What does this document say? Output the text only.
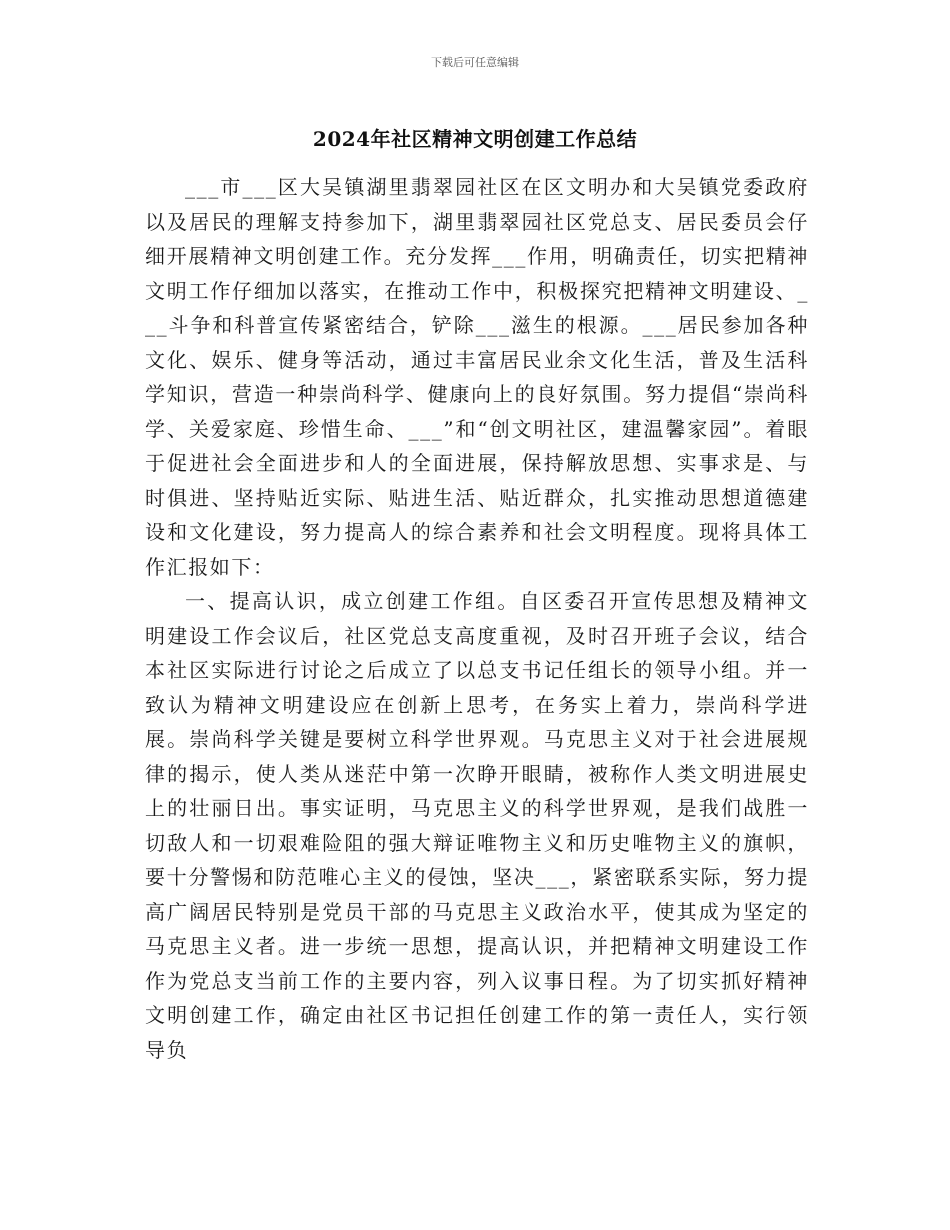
下载后可任意编辑
2024年社区精神文明创建工作总结

___市___区大吴镇湖里翡翠园社区在区文明办和大吴镇党委政府以及居民的理解支持参加下，湖里翡翠园社区党总支、居民委员会仔细开展精神文明创建工作。充分发挥___作用，明确责任，切实把精神文明工作仔细加以落实，在推动工作中，积极探究把精神文明建设、___斗争和科普宣传紧密结合，铲除___滋生的根源。___居民参加各种文化、娱乐、健身等活动，通过丰富居民业余文化生活，普及生活科学知识，营造一种崇尚科学、健康向上的良好氛围。努力提倡“崇尚科学、关爱家庭、珍惜生命、___”和“创文明社区，建温馨家园”。着眼于促进社会全面进步和人的全面进展，保持解放思想、实事求是、与时俱进、坚持贴近实际、贴进生活、贴近群众，扎实推动思想道德建设和文化建设，努力提高人的综合素养和社会文明程度。现将具体工作汇报如下：

一、提高认识，成立创建工作组。自区委召开宣传思想及精神文明建设工作会议后，社区党总支高度重视，及时召开班子会议，结合本社区实际进行讨论之后成立了以总支书记任组长的领导小组。并一致认为精神文明建设应在创新上思考，在务实上着力，崇尚科学进展。崇尚科学关键是要树立科学世界观。马克思主义对于社会进展规律的揭示，使人类从迷茫中第一次睁开眼睛，被称作人类文明进展史上的壮丽日出。事实证明，马克思主义的科学世界观，是我们战胜一切敌人和一切艰难险阻的强大辩证唯物主义和历史唯物主义的旗帜，要十分警惕和防范唯心主义的侵蚀，坚决___，紧密联系实际，努力提高广阔居民特别是党员干部的马克思主义政治水平，使其成为坚定的马克思主义者。进一步统一思想，提高认识，并把精神文明建设工作作为党总支当前工作的主要内容，列入议事日程。为了切实抓好精神文明创建工作，确定由社区书记担任创建工作的第一责任人，实行领导负
